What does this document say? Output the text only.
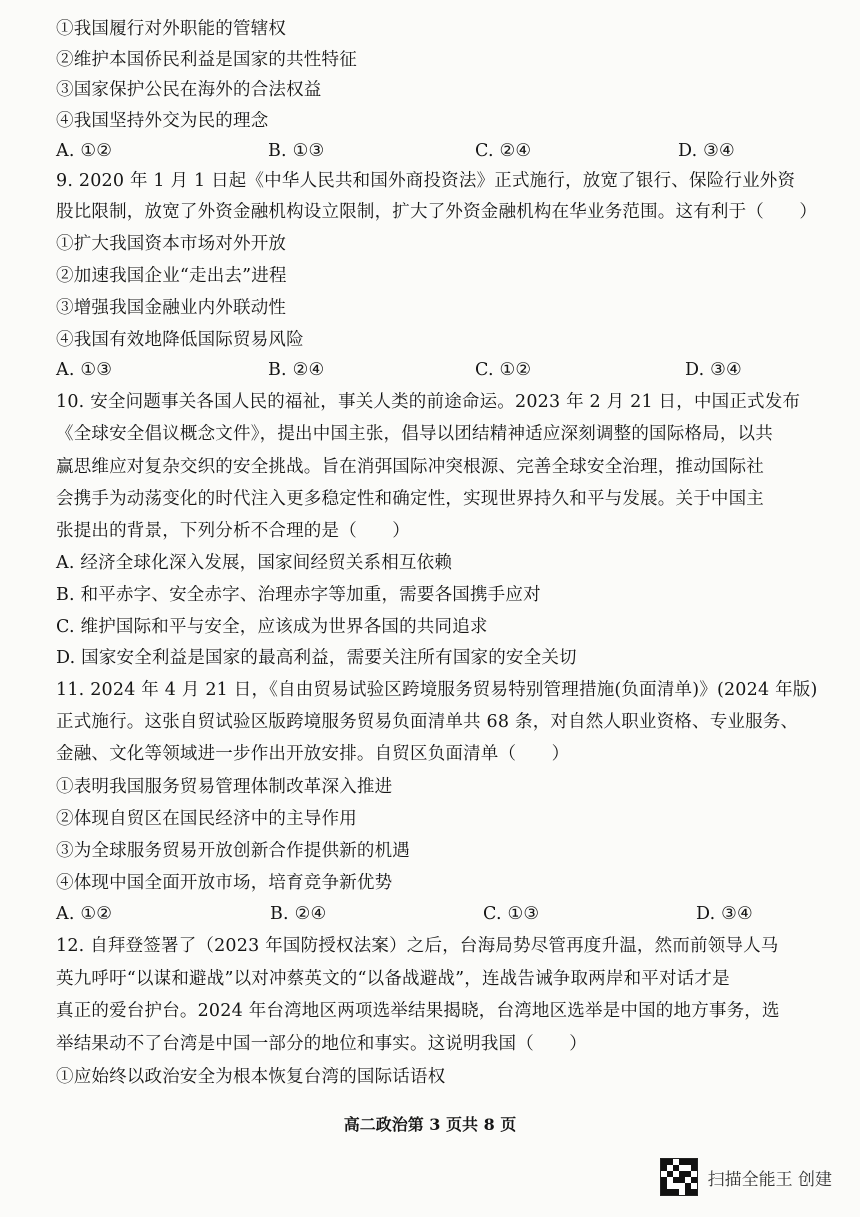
①我国履行对外职能的管辖权
②维护本国侨民利益是国家的共性特征
③国家保护公民在海外的合法权益
④我国坚持外交为民的理念
A. ①②	B. ①③	C. ②④	D. ③④
9. 2020 年 1 月 1 日起《中华人民共和国外商投资法》正式施行，放宽了银行、保险行业外资
股比限制，放宽了外资金融机构设立限制，扩大了外资金融机构在华业务范围。这有利于（　　）
①扩大我国资本市场对外开放
②加速我国企业“走出去”进程
③增强我国金融业内外联动性
④我国有效地降低国际贸易风险
A. ①③	B. ②④	C. ①②	D. ③④
10. 安全问题事关各国人民的福祉，事关人类的前途命运。2023 年 2 月 21 日，中国正式发布
《全球安全倡议概念文件》，提出中国主张，倡导以团结精神适应深刻调整的国际格局，以共
赢思维应对复杂交织的安全挑战。旨在消弭国际冲突根源、完善全球安全治理，推动国际社
会携手为动荡变化的时代注入更多稳定性和确定性，实现世界持久和平与发展。关于中国主
张提出的背景，下列分析不合理的是（　　）
A. 经济全球化深入发展，国家间经贸关系相互依赖
B. 和平赤字、安全赤字、治理赤字等加重，需要各国携手应对
C. 维护国际和平与安全，应该成为世界各国的共同追求
D. 国家安全利益是国家的最高利益，需要关注所有国家的安全关切
11. 2024 年 4 月 21 日，《自由贸易试验区跨境服务贸易特别管理措施(负面清单)》(2024 年版)
正式施行。这张自贸试验区版跨境服务贸易负面清单共 68 条，对自然人职业资格、专业服务、
金融、文化等领域进一步作出开放安排。自贸区负面清单（　　）
①表明我国服务贸易管理体制改革深入推进
②体现自贸区在国民经济中的主导作用
③为全球服务贸易开放创新合作提供新的机遇
④体现中国全面开放市场，培育竞争新优势
A. ①②	B. ②④	C. ①③	D. ③④
12. 自拜登签署了（2023 年国防授权法案）之后，台海局势尽管再度升温，然而前领导人马
英九呼吁“以谋和避战”以对冲蔡英文的“以备战避战”，连战告诫争取两岸和平对话才是
真正的爱台护台。2024 年台湾地区两项选举结果揭晓，台湾地区选举是中国的地方事务，选
举结果动不了台湾是中国一部分的地位和事实。这说明我国（　　）
①应始终以政治安全为根本恢复台湾的国际话语权
高二政治第 3 页共 8 页
扫描全能王 创建
